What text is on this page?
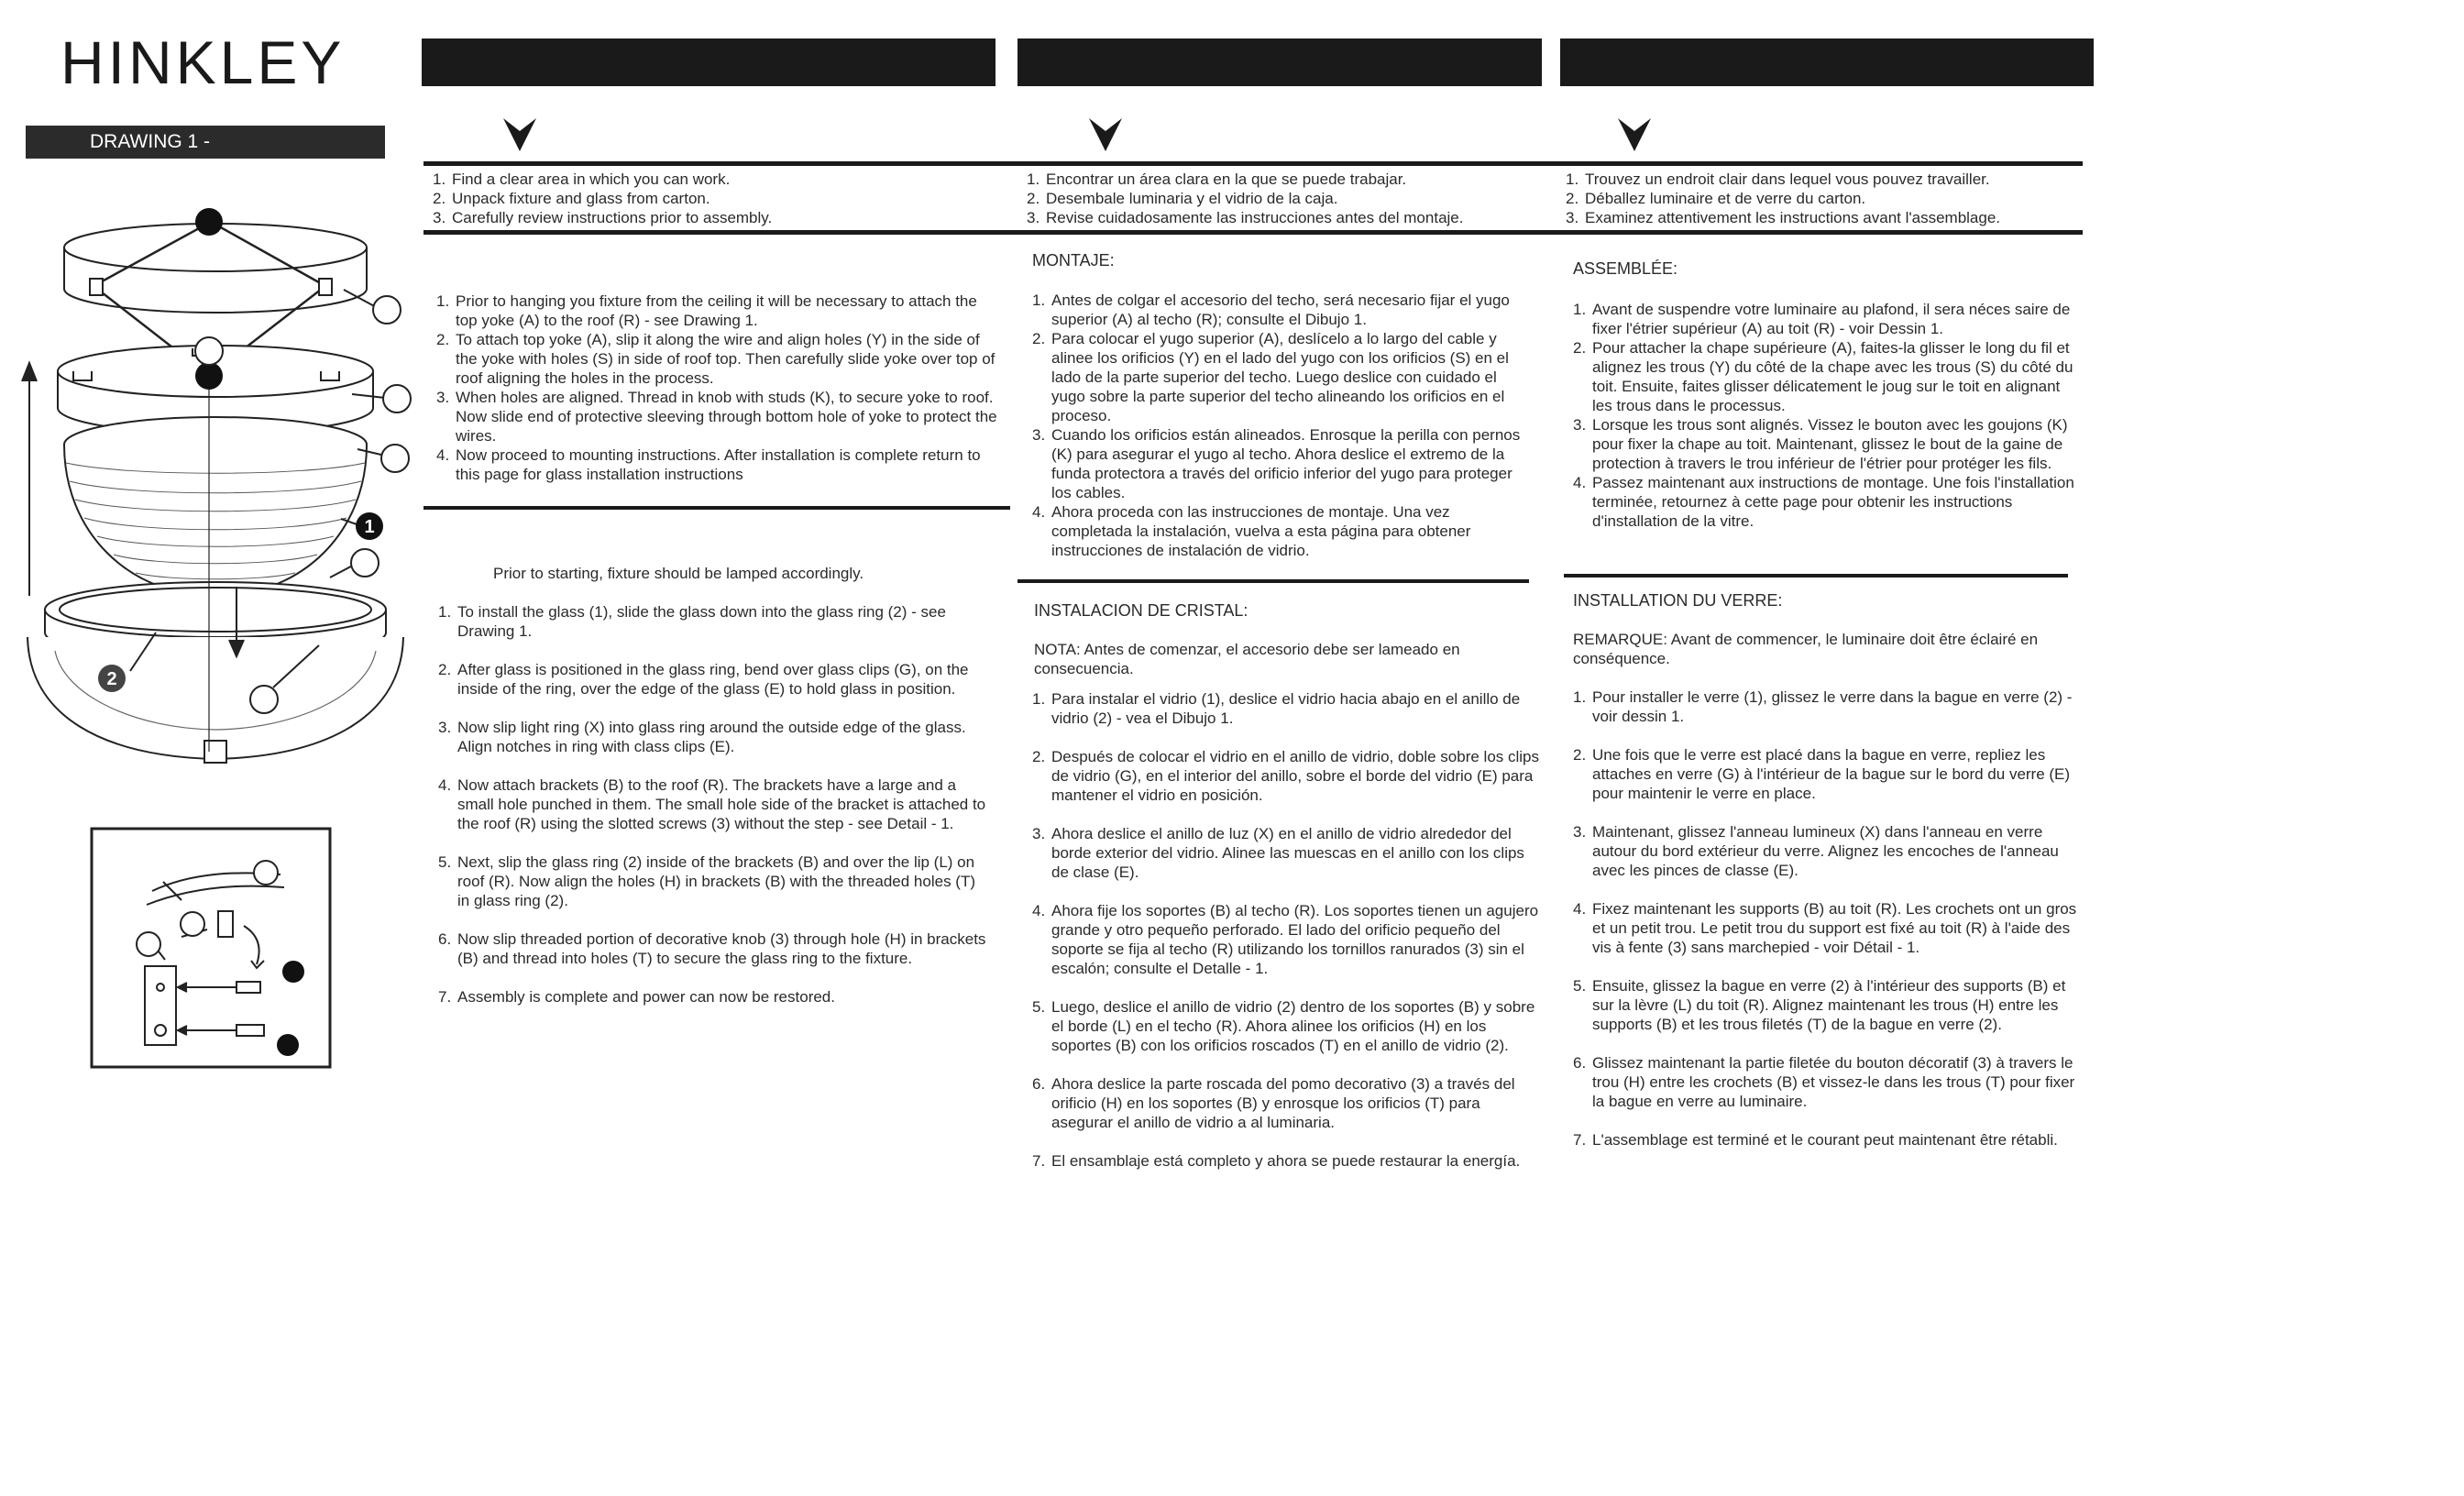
HINKLEY
DRAWING 1 -
1. Find a clear area in which you can work.
2. Unpack fixture and glass from carton.
3. Carefully review instructions prior to assembly.
1. Prior to hanging you fixture from the ceiling it will be necessary to attach the top yoke (A) to the roof (R) - see Drawing 1.
2. To attach top yoke (A), slip it along the wire and align holes (Y) in the side of the yoke with holes (S) in side of roof top. Then carefully slide yoke over top of roof aligning the holes in the process.
3. When holes are aligned. Thread in knob with studs (K), to secure yoke to roof. Now slide end of protective sleeving through bottom hole of yoke to protect the wires.
4. Now proceed to mounting instructions. After installation is complete return to this page for glass installation instructions
Prior to starting, fixture should be lamped accordingly.
1. To install the glass (1), slide the glass down into the glass ring (2) - see Drawing 1.
2. After glass is positioned in the glass ring, bend over glass clips (G), on the inside of the ring, over the edge of the glass (E) to hold glass in position.
3. Now slip light ring (X) into glass ring around the outside edge of the glass. Align notches in ring with class clips (E).
4. Now attach brackets (B) to the roof (R). The brackets have a large and a small hole punched in them. The small hole side of the bracket is attached to the roof (R) using the slotted screws (3) without the step - see Detail - 1.
5. Next, slip the glass ring (2) inside of the brackets (B) and over the lip (L) on roof (R). Now align the holes (H) in brackets (B) with the threaded holes (T) in glass ring (2).
6. Now slip threaded portion of decorative knob (3) through hole (H) in brackets (B) and thread into holes (T) to secure the glass ring to the fixture.
7. Assembly is complete and power can now be restored.
1. Encontrar un área clara en la que se puede trabajar.
2. Desembale luminaria y el vidrio de la caja.
3. Revise cuidadosamente las instrucciones antes del montaje.
MONTAJE:
1. Antes de colgar el accesorio del techo, será necesario fijar el yugo superior (A) al techo (R); consulte el Dibujo 1.
2. Para colocar el yugo superior (A), deslícelo a lo largo del cable y alinee los orificios (Y) en el lado del yugo con los orificios (S) en el lado de la parte superior del techo. Luego deslice con cuidado el yugo sobre la parte superior del techo alineando los orificios en el proceso.
3. Cuando los orificios están alineados. Enrosque la perilla con pernos (K) para asegurar el yugo al techo. Ahora deslice el extremo de la funda protectora a través del orificio inferior del yugo para proteger los cables.
4. Ahora proceda con las instrucciones de montaje. Una vez completada la instalación, vuelva a esta página para obtener instrucciones de instalación de vidrio.
INSTALACION DE CRISTAL:
NOTA: Antes de comenzar, el accesorio debe ser lameado en consecuencia.
1. Para instalar el vidrio (1), deslice el vidrio hacia abajo en el anillo de vidrio (2) - vea el Dibujo 1.
2. Después de colocar el vidrio en el anillo de vidrio, doble sobre los clips de vidrio (G), en el interior del anillo, sobre el borde del vidrio (E) para mantener el vidrio en posición.
3. Ahora deslice el anillo de luz (X) en el anillo de vidrio alrededor del borde exterior del vidrio. Alinee las muescas en el anillo con los clips de clase (E).
4. Ahora fije los soportes (B) al techo (R). Los soportes tienen un agujero grande y otro pequeño perforado. El lado del orificio pequeño del soporte se fija al techo (R) utilizando los tornillos ranurados (3) sin el escalón; consulte el Detalle - 1.
5. Luego, deslice el anillo de vidrio (2) dentro de los soportes (B) y sobre el borde (L) en el techo (R). Ahora alinee los orificios (H) en los soportes (B) con los orificios roscados (T) en el anillo de vidrio (2).
6. Ahora deslice la parte roscada del pomo decorativo (3) a través del orificio (H) en los soportes (B) y enrosque los orificios (T) para asegurar el anillo de vidrio a al luminaria.
7. El ensamblaje está completo y ahora se puede restaurar la energía.
1. Trouvez un endroit clair dans lequel vous pouvez travailler.
2. Déballez luminaire et de verre du carton.
3. Examinez attentivement les instructions avant l'assemblage.
ASSEMBLÉE:
1. Avant de suspendre votre luminaire au plafond, il sera néces saire de fixer l'étrier supérieur (A) au toit (R) - voir Dessin 1.
2. Pour attacher la chape supérieure (A), faites-la glisser le long du fil et alignez les trous (Y) du côté de la chape avec les trous (S) du côté du toit. Ensuite, faites glisser délicatement le joug sur le toit en alignant les trous dans le processus.
3. Lorsque les trous sont alignés. Vissez le bouton avec les goujons (K) pour fixer la chape au toit. Maintenant, glissez le bout de la gaine de protection à travers le trou inférieur de l'étrier pour protéger les fils.
4. Passez maintenant aux instructions de montage. Une fois l'installation terminée, retournez à cette page pour obtenir les instructions d'installation de la vitre.
INSTALLATION DU VERRE:
REMARQUE: Avant de commencer, le luminaire doit être éclairé en conséquence.
1. Pour installer le verre (1), glissez le verre dans la bague en verre (2) - voir dessin 1.
2. Une fois que le verre est placé dans la bague en verre, repliez les attaches en verre (G) à l'intérieur de la bague sur le bord du verre (E) pour maintenir le verre en place.
3. Maintenant, glissez l'anneau lumineux (X) dans l'anneau en verre autour du bord extérieur du verre. Alignez les encoches de l'anneau avec les pinces de classe (E).
4. Fixez maintenant les supports (B) au toit (R). Les crochets ont un gros et un petit trou. Le petit trou du support est fixé au toit (R) à l'aide des vis à fente (3) sans marchepied - voir Détail - 1.
5. Ensuite, glissez la bague en verre (2) à l'intérieur des supports (B) et sur la lèvre (L) du toit (R). Alignez maintenant les trous (H) entre les supports (B) et les trous filetés (T) de la bague en verre (2).
6. Glissez maintenant la partie filetée du bouton décoratif (3) à travers le trou (H) entre les crochets (B) et vissez-le dans les trous (T) pour fixer la bague en verre au luminaire.
7. L'assemblage est terminé et le courant peut maintenant être rétabli.
1
2
